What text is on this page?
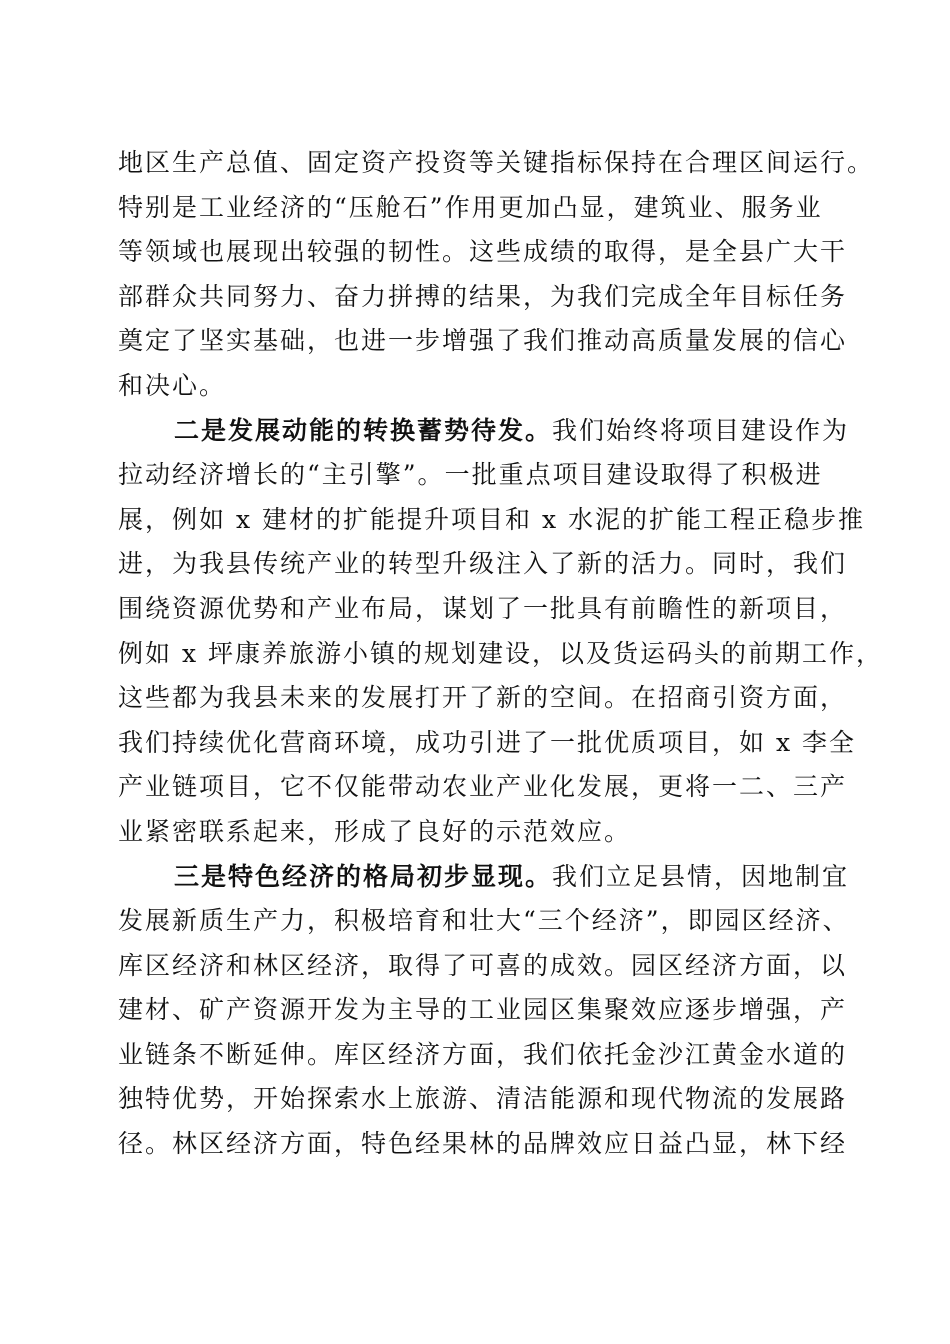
地区生产总值、固定资产投资等关键指标保持在合理区间运行。
特别是工业经济的“压舱石”作用更加凸显，建筑业、服务业
等领域也展现出较强的韧性。这些成绩的取得，是全县广大干
部群众共同努力、奋力拼搏的结果，为我们完成全年目标任务
奠定了坚实基础，也进一步增强了我们推动高质量发展的信心
和决心。
二是发展动能的转换蓄势待发。我们始终将项目建设作为
拉动经济增长的“主引擎”。一批重点项目建设取得了积极进
展，例如 x 建材的扩能提升项目和 x 水泥的扩能工程正稳步推
进，为我县传统产业的转型升级注入了新的活力。同时，我们
围绕资源优势和产业布局，谋划了一批具有前瞻性的新项目，
例如 x 坪康养旅游小镇的规划建设，以及货运码头的前期工作，
这些都为我县未来的发展打开了新的空间。在招商引资方面，
我们持续优化营商环境，成功引进了一批优质项目，如 x 李全
产业链项目，它不仅能带动农业产业化发展，更将一二、三产
业紧密联系起来，形成了良好的示范效应。
三是特色经济的格局初步显现。我们立足县情，因地制宜
发展新质生产力，积极培育和壮大“三个经济”，即园区经济、
库区经济和林区经济，取得了可喜的成效。园区经济方面，以
建材、矿产资源开发为主导的工业园区集聚效应逐步增强，产
业链条不断延伸。库区经济方面，我们依托金沙江黄金水道的
独特优势，开始探索水上旅游、清洁能源和现代物流的发展路
径。林区经济方面，特色经果林的品牌效应日益凸显，林下经
